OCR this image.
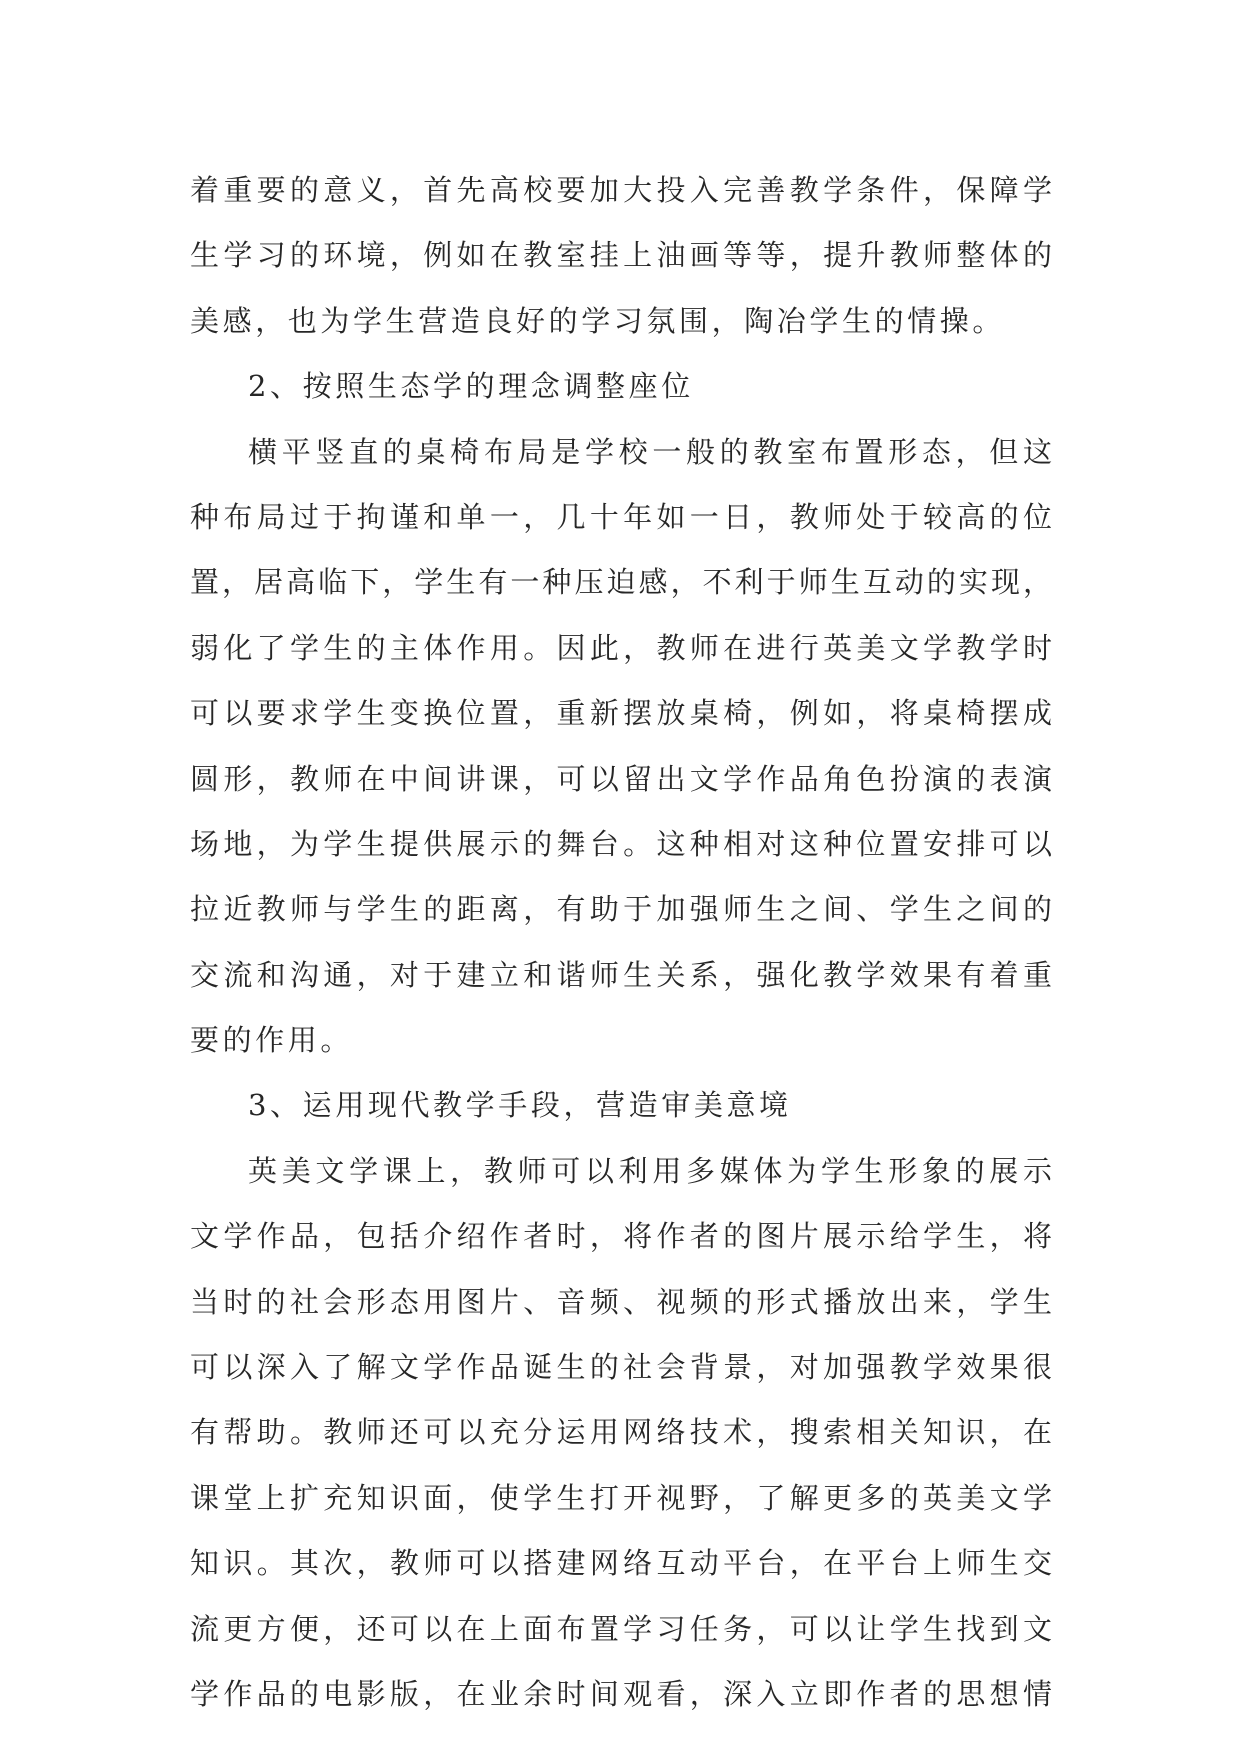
着重要的意义，首先高校要加大投入完善教学条件，保障学
生学习的环境，例如在教室挂上油画等等，提升教师整体的
美感，也为学生营造良好的学习氛围，陶冶学生的情操。
2、按照生态学的理念调整座位
横平竖直的桌椅布局是学校一般的教室布置形态，但这
种布局过于拘谨和单一，几十年如一日，教师处于较高的位
置，居高临下，学生有一种压迫感，不利于师生互动的实现，
弱化了学生的主体作用。因此，教师在进行英美文学教学时
可以要求学生变换位置，重新摆放桌椅，例如，将桌椅摆成
圆形，教师在中间讲课，可以留出文学作品角色扮演的表演
场地，为学生提供展示的舞台。这种相对这种位置安排可以
拉近教师与学生的距离，有助于加强师生之间、学生之间的
交流和沟通，对于建立和谐师生关系，强化教学效果有着重
要的作用。
3、运用现代教学手段，营造审美意境
英美文学课上，教师可以利用多媒体为学生形象的展示
文学作品，包括介绍作者时，将作者的图片展示给学生，将
当时的社会形态用图片、音频、视频的形式播放出来，学生
可以深入了解文学作品诞生的社会背景，对加强教学效果很
有帮助。教师还可以充分运用网络技术，搜索相关知识，在
课堂上扩充知识面，使学生打开视野，了解更多的英美文学
知识。其次，教师可以搭建网络互动平台，在平台上师生交
流更方便，还可以在上面布置学习任务，可以让学生找到文
学作品的电影版，在业余时间观看，深入立即作者的思想情
